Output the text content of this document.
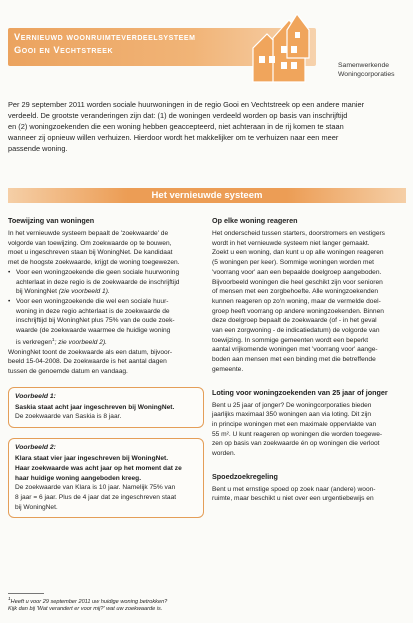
Vernieuwd woonruimteverdeelsysteem
Gooi en Vechtstreek
Samenwerkende
Woningcorporaties
Per 29 september 2011 worden sociale huurwoningen in de regio Gooi en Vechtstreek op een andere manier
verdeeld. De grootste veranderingen zijn dat: (1) de woningen verdeeld worden op basis van inschrijftijd
en (2) woningzoekenden die een woning hebben geaccepteerd, niet achteraan in de rij komen te staan
wanneer zij opnieuw willen verhuizen. Hierdoor wordt het makkelijker om te verhuizen naar een meer
passende woning.
Het vernieuwde systeem
Toewijzing van woningen

In het vernieuwde systeem bepaalt de 'zoekwaarde' de
volgorde van toewijzing. Om zoekwaarde op te bouwen,
moet u ingeschreven staan bij WoningNet. De kandidaat
met de hoogste zoekwaarde, krijgt de woning toegewezen.

• Voor een woningzoekende die geen sociale huurwoning
achterlaat in deze regio is de zoekwaarde de inschrijftijd
bij WoningNet (zie voorbeeld 1).
• Voor een woningzoekende die wel een sociale huur-
woning in deze regio achterlaat is de zoekwaarde de
inschrijftijd bij WoningNet plus 75% van de oude zoek-
waarde (de zoekwaarde waarmee de huidige woning
is verkregen$^1$; zie voorbeeld 2).

WoningNet toont de zoekwaarde als een datum, bijvoor-
beeld 15-04-2008. De zoekwaarde is het aantal dagen
tussen de genoemde datum en vandaag.

Voorbeeld 1:
Saskia staat acht jaar ingeschreven bij WoningNet.
De zoekwaarde van Saskia is 8 jaar.
Voorbeeld 2:
Klara staat vier jaar ingeschreven bij WoningNet.
Haar zoekwaarde was acht jaar op het moment dat ze
haar huidige woning aangeboden kreeg.
De zoekwaarde van Klara is 10 jaar. Namelijk 75% van
8 jaar = 6 jaar. Plus de 4 jaar dat ze ingeschreven staat
bij WoningNet.
Op elke woning reageren
Het onderscheid tussen starters, doorstromers en vestigers
wordt in het vernieuwde systeem niet langer gemaakt.
Zoekt u een woning, dan kunt u op alle woningen reageren
(5 woningen per keer). Sommige woningen worden met
'voorrang voor' aan een bepaalde doelgroep aangeboden.
Bijvoorbeeld woningen die heel geschikt zijn voor senioren
of mensen met een zorgbehoefte. Alle woningzoekenden
kunnen reageren op zo'n woning, maar de vermelde doel-
groep heeft voorrang op andere woningzoekenden. Binnen
deze doelgroep bepaalt de zoekwaarde (of - in het geval
van een zorgwoning - de indicatiedatum) de volgorde van
toewijzing. In sommige gemeenten wordt een beperkt
aantal vrijkomende woningen met 'voorrang voor' aange-
boden aan mensen met een binding met die betreffende
gemeente.
Loting voor woningzoekenden van 25 jaar of jonger
Bent u 25 jaar of jonger? De woningcorporaties bieden
jaarlijks maximaal 350 woningen aan via loting. Dit zijn
in principe woningen met een maximale oppervlakte van
55 m². U kunt reageren op woningen die worden toegewe-
zen op basis van zoekwaarde én op woningen die verloot
worden.
Spoedzoekregeling
Bent u met ernstige spoed op zoek naar (andere) woon-
ruimte, maar beschikt u niet over een urgentiebewijs en
$^1$Heeft u voor 29 september 2011 uw huidige woning betrokken?
Kijk dan bij 'Wat verandert er voor mij?' wat uw zoekwaarde is.
